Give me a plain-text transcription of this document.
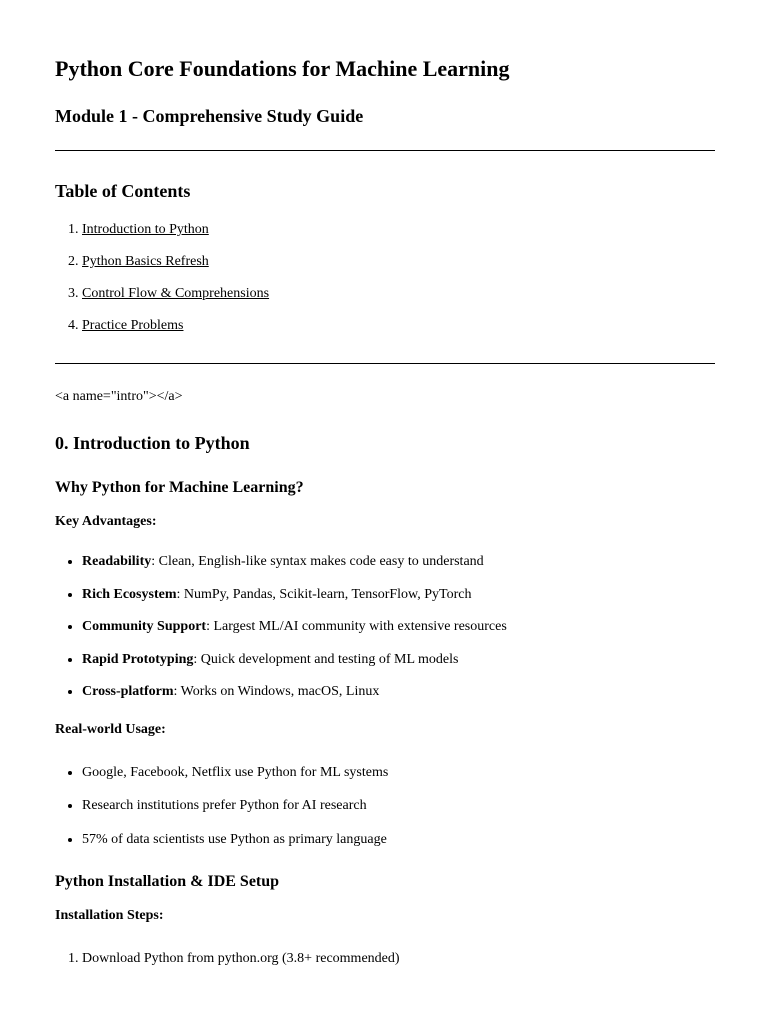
Python Core Foundations for Machine Learning
Module 1 - Comprehensive Study Guide
Table of Contents
1. Introduction to Python
2. Python Basics Refresh
3. Control Flow & Comprehensions
4. Practice Problems

<a name="intro"></a>

0. Introduction to Python
Why Python for Machine Learning?

Key Advantages:

• Readability: Clean, English-like syntax makes code easy to understand
• Rich Ecosystem: NumPy, Pandas, Scikit-learn, TensorFlow, PyTorch
• Community Support: Largest ML/AI community with extensive resources
• Rapid Prototyping: Quick development and testing of ML models
• Cross-platform: Works on Windows, macOS, Linux

Real-world Usage:

• Google, Facebook, Netflix use Python for ML systems
• Research institutions prefer Python for AI research
• 57% of data scientists use Python as primary language
Python Installation & IDE Setup

Installation Steps:

1. Download Python from python.org (3.8+ recommended)
